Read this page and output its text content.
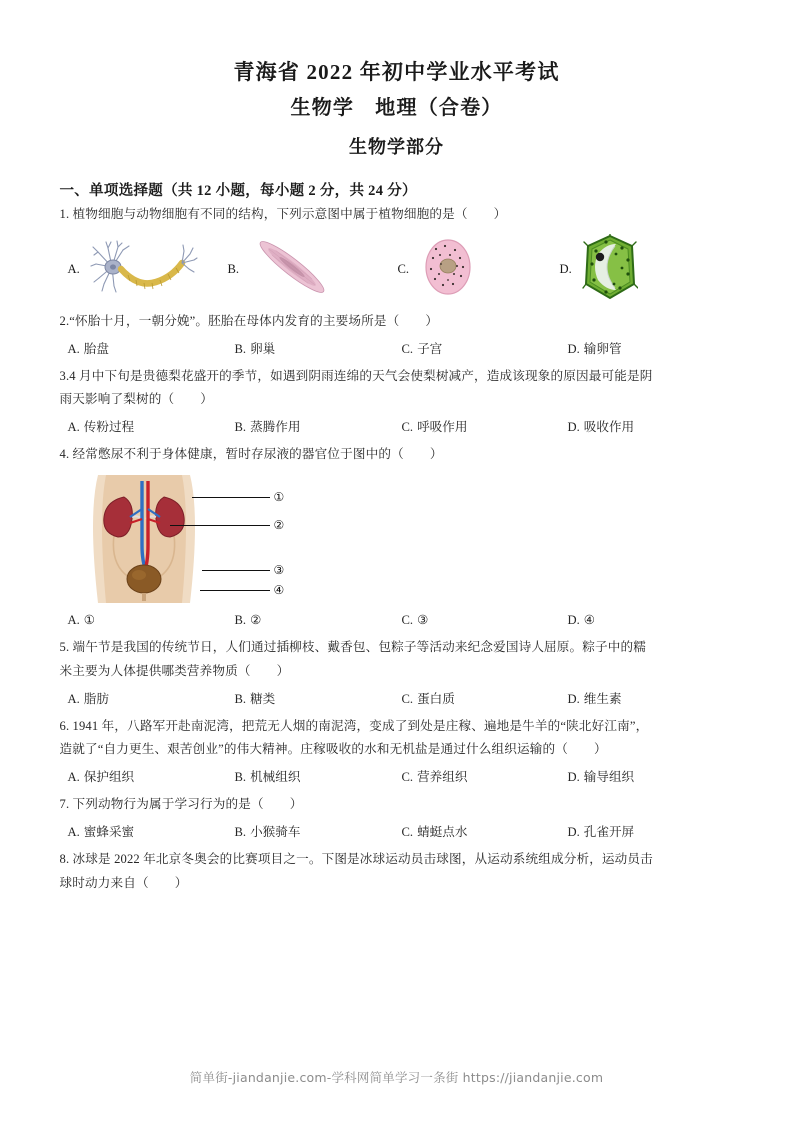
青海省 2022 年初中学业水平考试
生物学　地理（合卷）
生物学部分
一、单项选择题（共 12 小题，每小题 2 分，共 24 分）

1. 植物细胞与动物细胞有不同的结构，下列示意图中属于植物细胞的是（ ）

A.	B.	C.	D.

2.“怀胎十月，一朝分娩”。胚胎在母体内发育的主要场所是（ ）

A. 胎盘	B. 卵巢	C. 子宫	D. 输卵管

3.4 月中下旬是贵德梨花盛开的季节，如遇到阴雨连绵的天气会使梨树减产，造成该现象的原因最可能是阴

雨天影响了梨树的（ ）

A. 传粉过程	B. 蒸腾作用	C. 呼吸作用	D. 吸收作用

4. 经常憋尿不利于身体健康，暂时存尿液的器官位于图中的（ ）

①
②
③
④
A. ①	B. ②	C. ③	D. ④

5. 端午节是我国的传统节日，人们通过插柳枝、戴香包、包粽子等活动来纪念爱国诗人屈原。粽子中的糯

米主要为人体提供哪类营养物质（ ）

A. 脂肪	B. 糖类	C. 蛋白质	D. 维生素

6. 1941 年，八路军开赴南泥湾，把荒无人烟的南泥湾，变成了到处是庄稼、遍地是牛羊的“陕北好江南”，

造就了“自力更生、艰苦创业”的伟大精神。庄稼吸收的水和无机盐是通过什么组织运输的（ ）

A. 保护组织	B. 机械组织	C. 营养组织	D. 输导组织

7. 下列动物行为属于学习行为的是（ ）

A. 蜜蜂采蜜	B. 小猴骑车	C. 蜻蜓点水	D. 孔雀开屏

8. 冰球是 2022 年北京冬奥会的比赛项目之一。下图是冰球运动员击球图，从运动系统组成分析，运动员击

球时动力来自（ ）

简单街-jiandanjie.com-学科网简单学习一条街 https://jiandanjie.com
